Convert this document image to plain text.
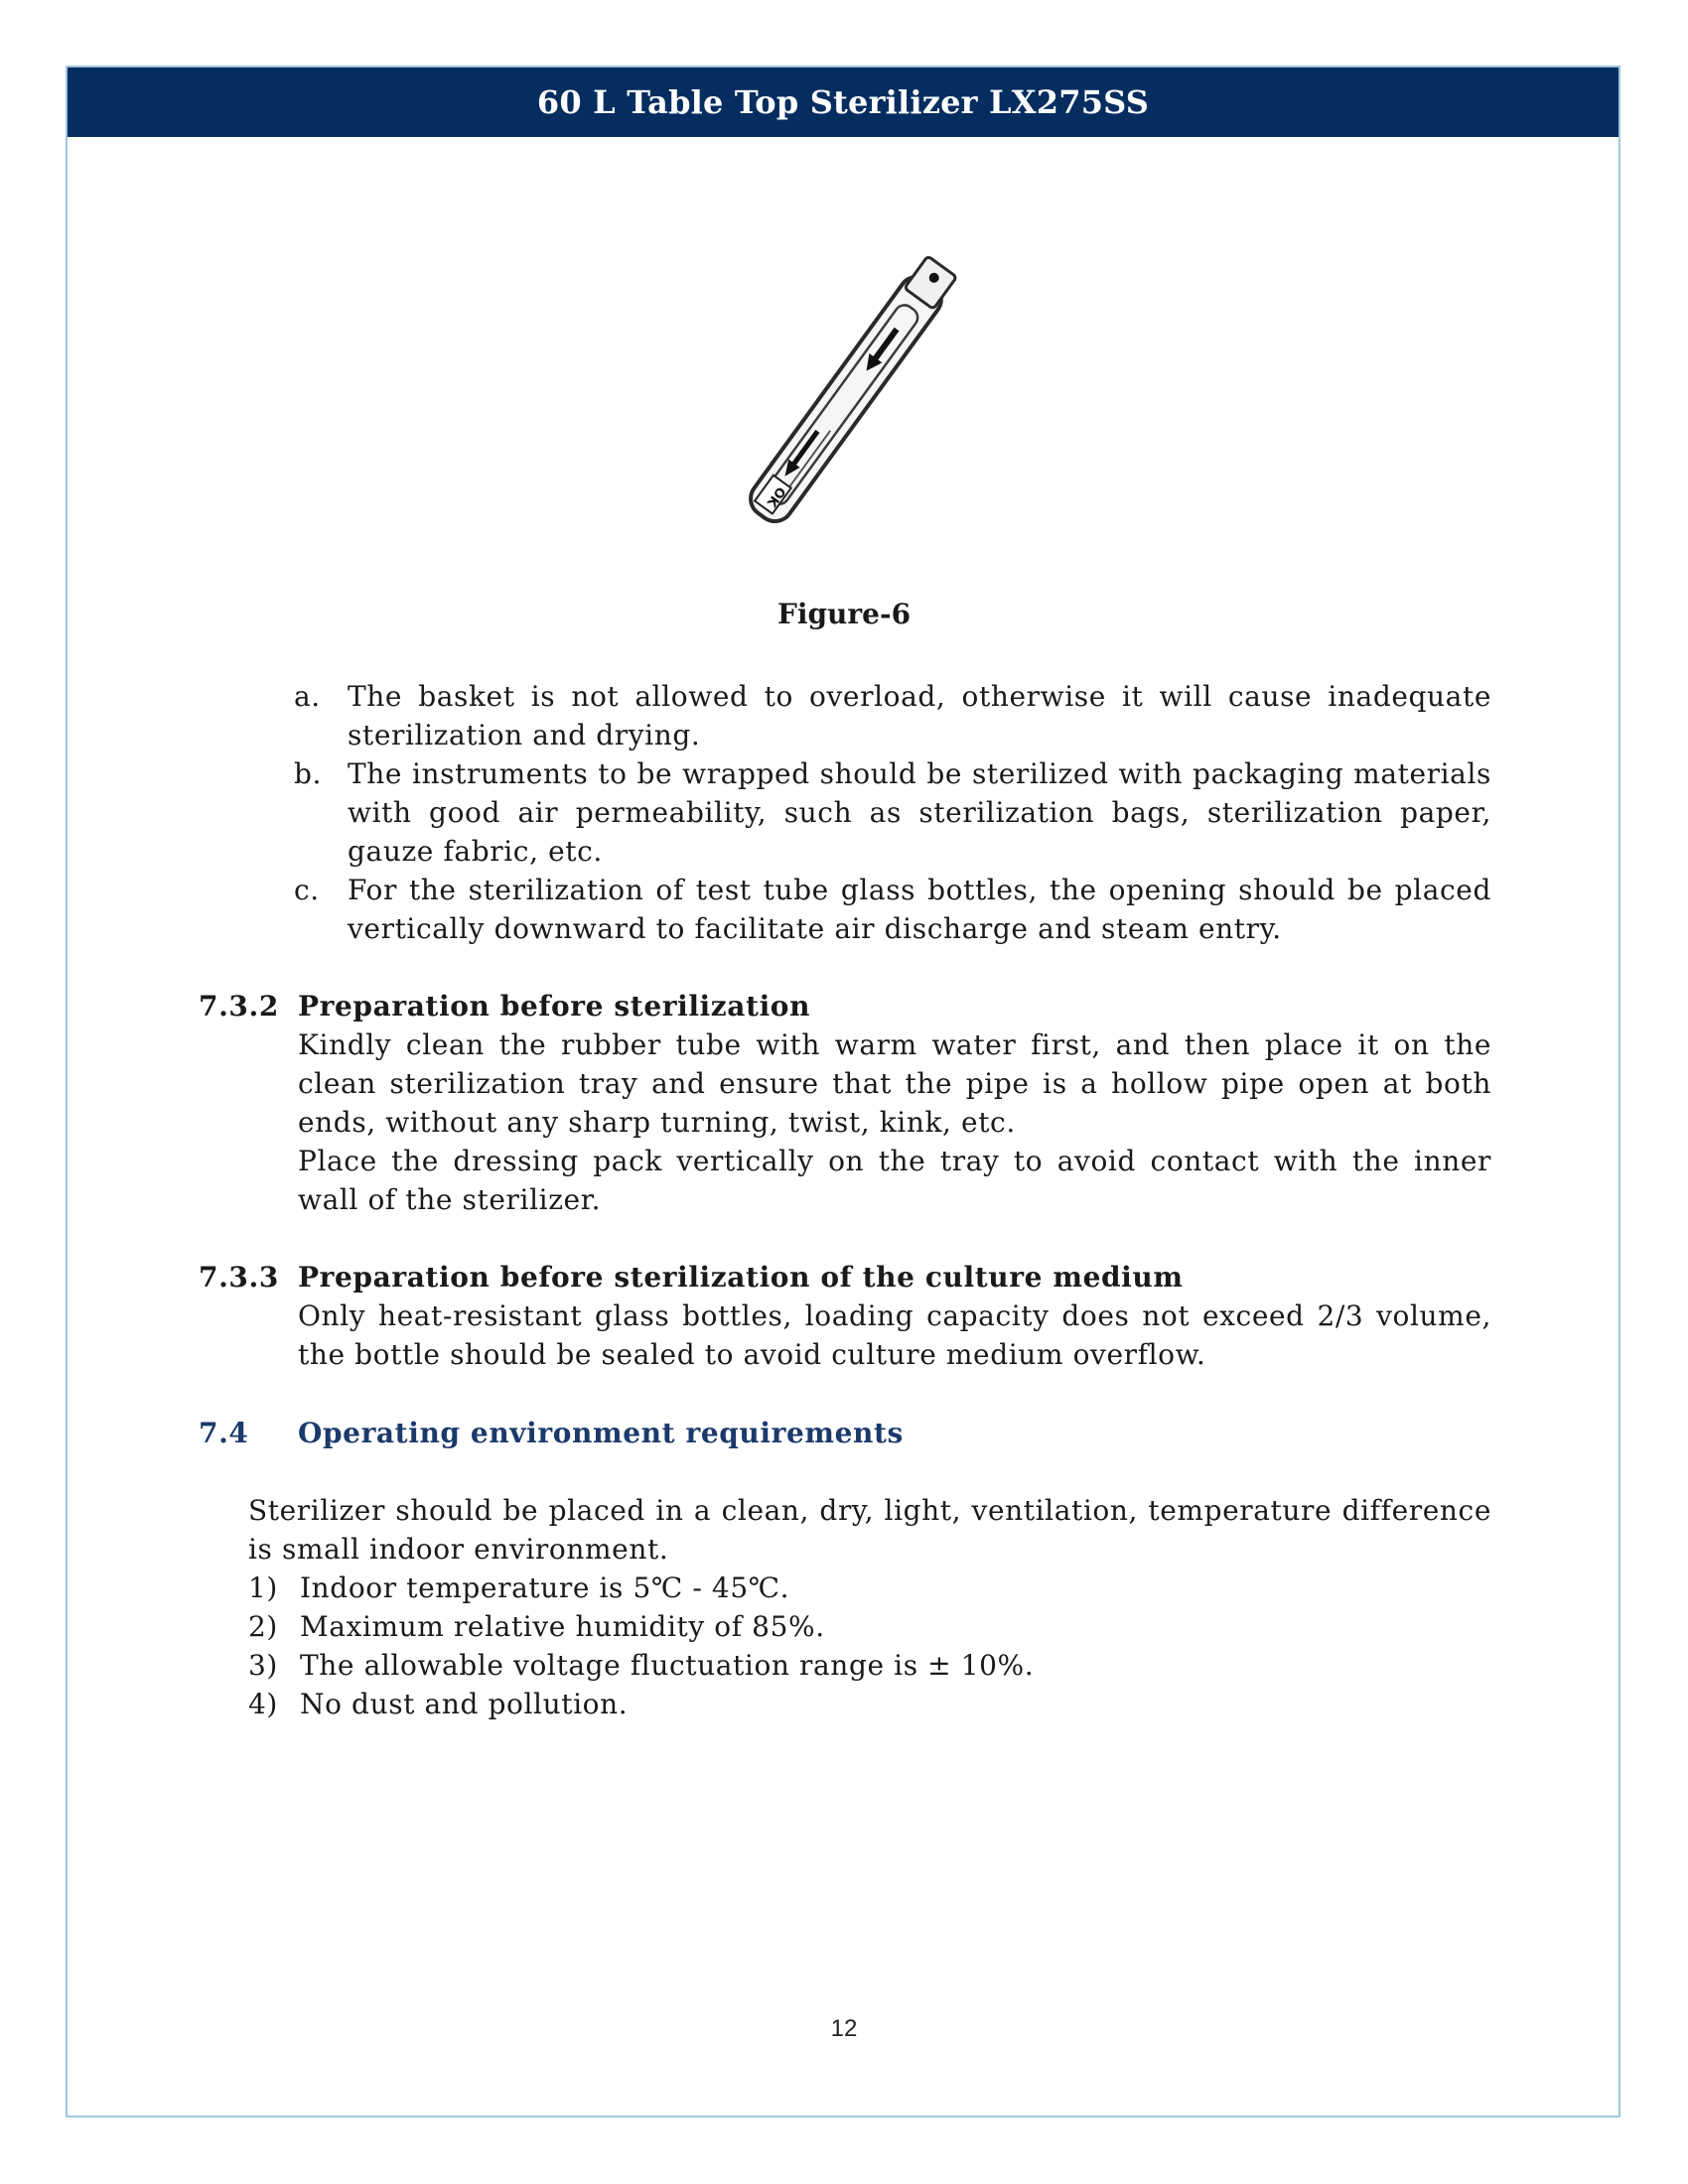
60 L Table Top Sterilizer LX275SS
OK
Figure-6
a. The basket is not allowed to overload, otherwise it will cause inadequate sterilization and drying.
b. The instruments to be wrapped should be sterilized with packaging materials with good air permeability, such as sterilization bags, sterilization paper, gauze fabric, etc.
c. For the sterilization of test tube glass bottles, the opening should be placed vertically downward to facilitate air discharge and steam entry.
7.3.2 Preparation before sterilization
Kindly clean the rubber tube with warm water first, and then place it on the clean sterilization tray and ensure that the pipe is a hollow pipe open at both ends, without any sharp turning, twist, kink, etc.
Place the dressing pack vertically on the tray to avoid contact with the inner wall of the sterilizer.
7.3.3 Preparation before sterilization of the culture medium
Only heat-resistant glass bottles, loading capacity does not exceed 2/3 volume, the bottle should be sealed to avoid culture medium overflow.
7.4 Operating environment requirements
Sterilizer should be placed in a clean, dry, light, ventilation, temperature difference is small indoor environment.
1) Indoor temperature is 5℃ - 45℃.
2) Maximum relative humidity of 85%.
3) The allowable voltage fluctuation range is ± 10%.
4) No dust and pollution.
12
